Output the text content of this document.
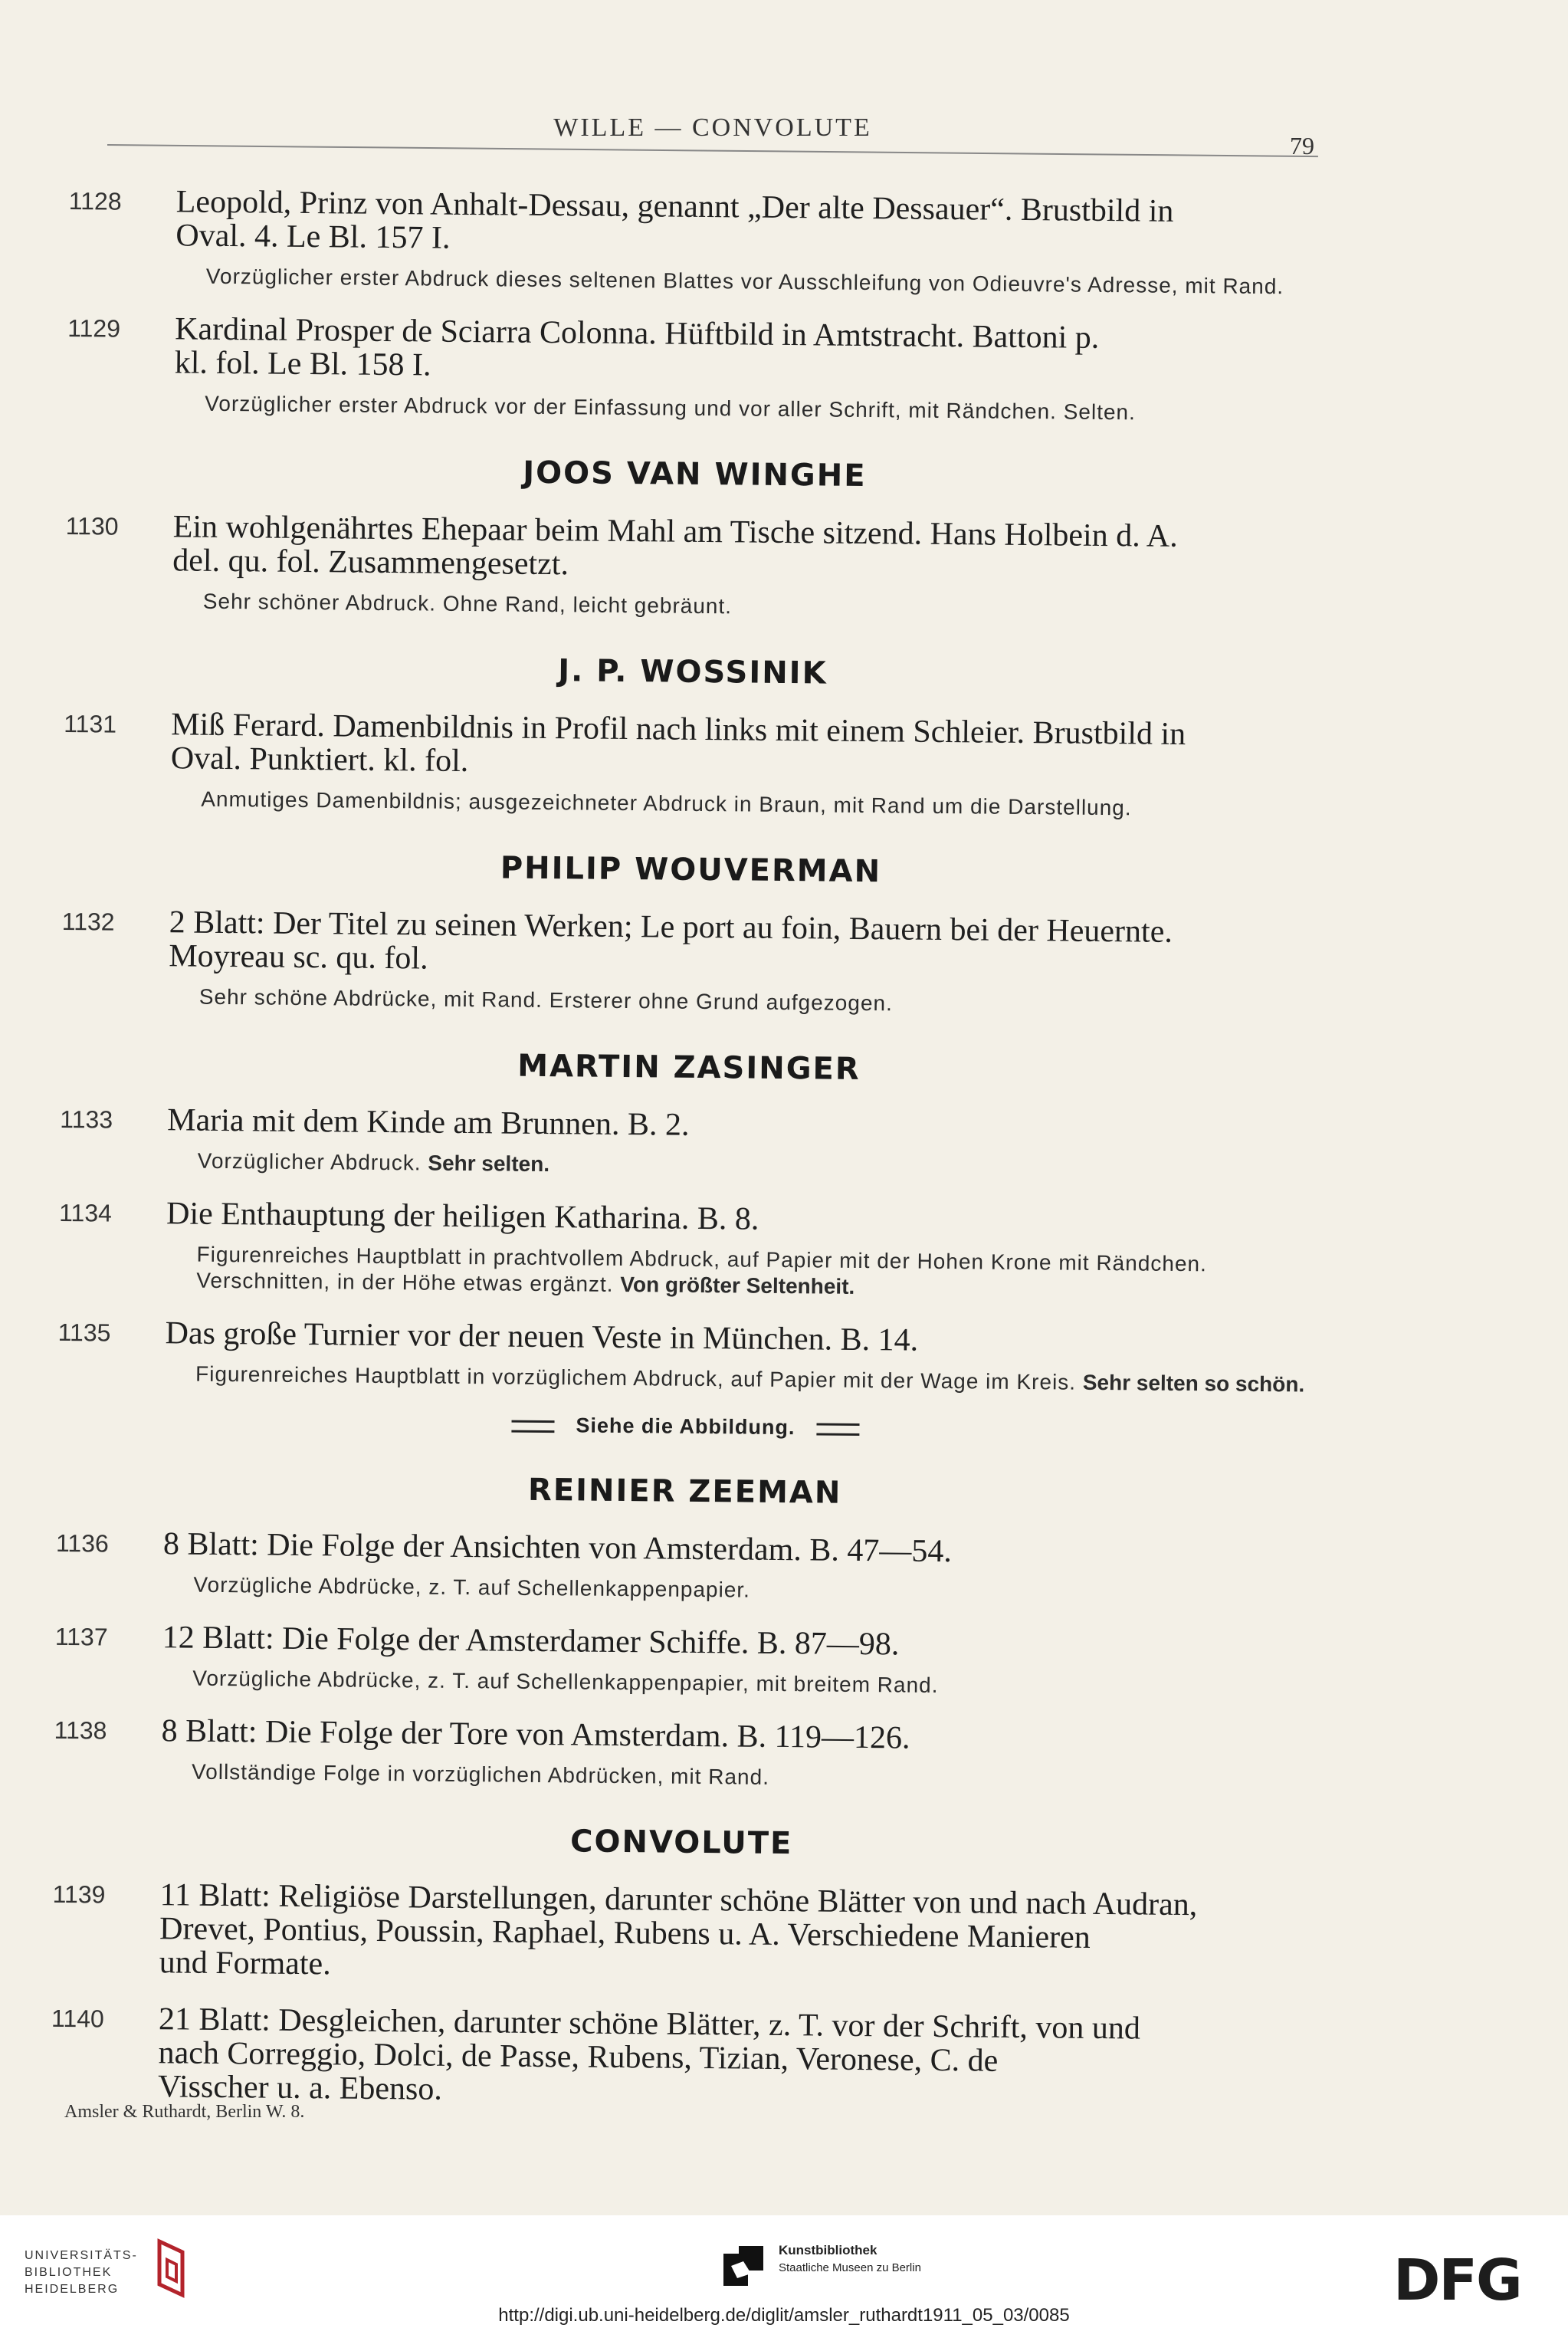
WILLE — CONVOLUTE
79
1128	Leopold, Prinz von Anhalt-Dessau, genannt „Der alte Dessauer“. Brustbild in
Oval. 4. Le Bl. 157 I.
Vorzüglicher erster Abdruck dieses seltenen Blattes vor Ausschleifung von Odieuvre's Adresse, mit Rand.
1129	Kardinal Prosper de Sciarra Colonna. Hüftbild in Amtstracht. Battoni p.
kl. fol. Le Bl. 158 I.
Vorzüglicher erster Abdruck vor der Einfassung und vor aller Schrift, mit Rändchen. Selten.
JOOS VAN WINGHE
1130	Ein wohlgenährtes Ehepaar beim Mahl am Tische sitzend. Hans Holbein d. A.
del. qu. fol. Zusammengesetzt.
Sehr schöner Abdruck. Ohne Rand, leicht gebräunt.
J. P. WOSSINIK
1131	Miß Ferard. Damenbildnis in Profil nach links mit einem Schleier. Brustbild in
Oval. Punktiert. kl. fol.
Anmutiges Damenbildnis; ausgezeichneter Abdruck in Braun, mit Rand um die Darstellung.
PHILIP WOUVERMAN
1132	2 Blatt: Der Titel zu seinen Werken; Le port au foin, Bauern bei der Heuernte.
Moyreau sc. qu. fol.
Sehr schöne Abdrücke, mit Rand. Ersterer ohne Grund aufgezogen.
MARTIN ZASINGER
1133	Maria mit dem Kinde am Brunnen. B. 2.
Vorzüglicher Abdruck. Sehr selten.
1134	Die Enthauptung der heiligen Katharina. B. 8.
Figurenreiches Hauptblatt in prachtvollem Abdruck, auf Papier mit der Hohen Krone mit Rändchen. Verschnitten, in der Höhe etwas ergänzt. Von größter Seltenheit.
1135	Das große Turnier vor der neuen Veste in München. B. 14.
Figurenreiches Hauptblatt in vorzüglichem Abdruck, auf Papier mit der Wage im Kreis. Sehr selten so schön.
Siehe die Abbildung.
REINIER ZEEMAN
1136	8 Blatt: Die Folge der Ansichten von Amsterdam. B. 47—54.
Vorzügliche Abdrücke, z. T. auf Schellenkappenpapier.
1137	12 Blatt: Die Folge der Amsterdamer Schiffe. B. 87—98.
Vorzügliche Abdrücke, z. T. auf Schellenkappenpapier, mit breitem Rand.
1138	8 Blatt: Die Folge der Tore von Amsterdam. B. 119—126.
Vollständige Folge in vorzüglichen Abdrücken, mit Rand.
CONVOLUTE
1139	11 Blatt: Religiöse Darstellungen, darunter schöne Blätter von und nach Audran,
Drevet, Pontius, Poussin, Raphael, Rubens u. A. Verschiedene Manieren
und Formate.
1140	21 Blatt: Desgleichen, darunter schöne Blätter, z. T. vor der Schrift, von und
nach Correggio, Dolci, de Passe, Rubens, Tizian, Veronese, C. de
Visscher u. a. Ebenso.
Amsler & Ruthardt, Berlin W. 8.
UNIVERSITÄTS-
BIBLIOTHEK
HEIDELBERG
Kunstbibliothek
Staatliche Museen zu Berlin	DFG
http://digi.ub.uni-heidelberg.de/diglit/amsler_ruthardt1911_05_03/0085
